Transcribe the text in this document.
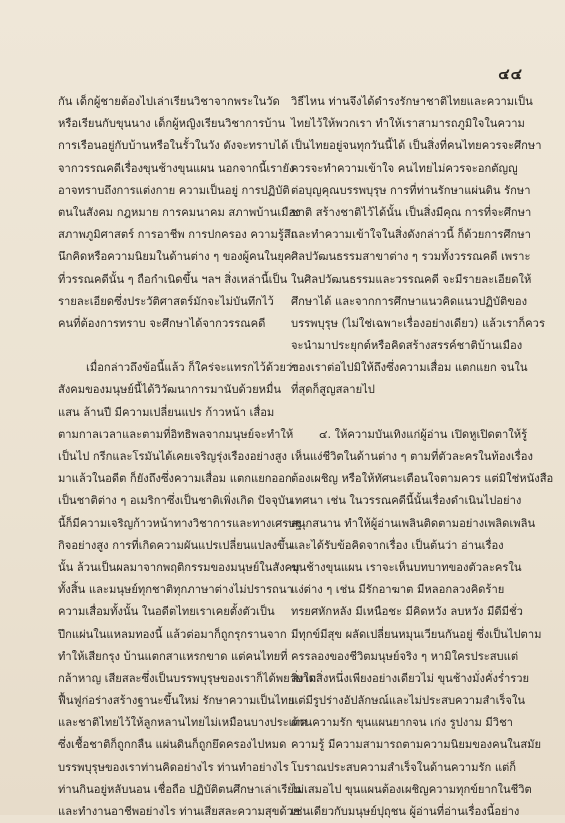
๔๔
กัน เด็กผู้ชายต้องไปเล่าเรียนวิชาจากพระในวัด
หรือเรียนกับขุนนาง เด็กผู้หญิงเรียนวิชาการบ้าน
การเรือนอยู่กับบ้านหรือในรั้วในวัง ดังจะทราบได้
จากวรรณคดีเรื่องขุนช้างขุนแผน นอกจากนี้เรายัง
อาจทราบถึงการแต่งกาย ความเป็นอยู่ การปฏิบัติ
ตนในสังคม กฎหมาย การคมนาคม สภาพบ้านเมือง
สภาพภูมิศาสตร์ การอาชีพ การปกครอง ความรู้สึก
นึกคิดหรือความนิยมในด้านต่าง ๆ ของผู้คนในยุค
ที่วรรณคดีนั้น ๆ ถือกำเนิดขึ้น ฯลฯ สิ่งเหล่านี้เป็น
รายละเอียดซึ่งประวัติศาสตร์มักจะไม่บันทึกไว้
คนที่ต้องการทราบ จะศึกษาได้จากวรรณคดี
เมื่อกล่าวถึงข้อนี้แล้ว ก็ใคร่จะแทรกไว้ด้วยว่า
สังคมของมนุษย์นี้ได้วิวัฒนาการมานับด้วยหมื่น
แสน ล้านปี มีความเปลี่ยนแปร ก้าวหน้า เสื่อม
ตามกาลเวลาและตามที่อิทธิพลจากมนุษย์จะทำให้
เป็นไป กรีกและโรมันได้เคยเจริญรุ่งเรืองอย่างสูง
มาแล้วในอดีต ก็ยังถึงซึ่งความเสื่อม แตกแยกออก
เป็นชาติต่าง ๆ อเมริกาซึ่งเป็นชาติเพิ่งเกิด ปัจจุบัน
นี้ก็มีความเจริญก้าวหน้าทางวิชาการและทางเศรษฐ
กิจอย่างสูง การที่เกิดความผันแปรเปลี่ยนแปลงขึ้น
นั้น ล้วนเป็นผลมาจากพฤติกรรมของมนุษย์ในสังคม
ทั้งสิ้น และมนุษย์ทุกชาติทุกภาษาต่างไม่ปรารถนา
ความเสื่อมทั้งนั้น ในอดีตไทยเราเคยตั้งตัวเป็น
ปึกแผ่นในแหลมทองนี้ แล้วต่อมาก็ถูกรุกรานจาก
ทำให้เสียกรุง บ้านแตกสาแหรกขาด แต่คนไทยที่
กล้าหาญ เสียสละซึ่งเป็นบรรพบุรุษของเราก็ได้พยายาม
ฟื้นฟูก่อร่างสร้างฐานะขึ้นใหม่ รักษาความเป็นไทย
และชาติไทยไว้ให้ลูกหลานไทยไม่เหมือนบางประเทศ
ซึ่งเชื้อชาติก็ถูกกลืน แผ่นดินก็ถูกยึดครองไปหมด
บรรพบุรุษของเราท่านคิดอย่างไร ท่านทำอย่างไร
ท่านกินอยู่หลับนอน เชื่อถือ ปฏิบัติตนศึกษาเล่าเรียน
และทำงานอาชีพอย่างไร ท่านเสียสละความสุขด้วย
วิธีไหน ท่านจึงได้ดำรงรักษาชาติไทยและความเป็น
ไทยไว้ให้พวกเรา ทำให้เราสามารถภูมิใจในความ
เป็นไทยอยู่จนทุกวันนี้ได้ เป็นสิ่งที่คนไทยควรจะศึกษา
ควรจะทำความเข้าใจ คนไทยไม่ควรจะอกตัญญู
ต่อบุญคุณบรรพบุรุษ การที่ท่านรักษาแผ่นดิน รักษา
ชาติ สร้างชาติไว้ได้นั้น เป็นสิ่งมีคุณ การที่จะศึกษา
และทำความเข้าใจในสิ่งดังกล่าวนี้ ก็ด้วยการศึกษา
ศิลปวัฒนธรรมสาขาต่าง ๆ รวมทั้งวรรณคดี เพราะ
ในศิลปวัฒนธรรมและวรรณคดี จะมีรายละเอียดให้
ศึกษาได้ และจากการศึกษาแนวคิดแนวปฏิบัติของ
บรรพบุรุษ (ไม่ใช่เฉพาะเรื่องอย่างเดียว) แล้วเราก็ควร
จะนำมาประยุกต์หรือคิดสร้างสรรค์ชาติบ้านเมือง
ของเราต่อไปมิให้ถึงซึ่งความเสื่อม แตกแยก จนใน
ที่สุดก็สูญสลายไป
๔. ให้ความบันเทิงแก่ผู้อ่าน เปิดหูเปิดตาให้รู้
เห็นแง่ชีวิตในด้านต่าง ๆ ตามที่ตัวละครในท้องเรื่อง
ต้องเผชิญ หรือให้ทัศนะเตือนใจตามควร แต่มิใช่หนังสือ
เทศนา เช่น ในวรรณคดีนี้นั้นเรื่องดำเนินไปอย่าง
สนุกสนาน ทำให้ผู้อ่านเพลินติดตามอย่างเพลิดเพลิน
และได้รับข้อคิดจากเรื่อง เป็นต้นว่า อ่านเรื่อง
ขุนช้างขุนแผน เราจะเห็นบทบาทของตัวละครใน
แง่ต่าง ๆ เช่น มีรักอาฆาต มีหลอกลวงคิดร้าย
ทรยศหักหลัง มีเหนือชะ มีคิดหวัง ลบหวัง มีดีมีชั่ว
มีทุกข์มีสุข ผลัดเปลี่ยนหมุนเวียนกันอยู่ ซึ่งเป็นไปตาม
ครรลองของชีวิตมนุษย์จริง ๆ หามิใครประสบแต่
สิ่งใดสิ่งหนึ่งเพียงอย่างเดียวไม่ ขุนช้างมั่งคั่งร่ำรวย
แต่มีรูปร่างอัปลักษณ์และไม่ประสบความสำเร็จใน
ด้านความรัก ขุนแผนยากจน เก่ง รูปงาม มีวิชา
ความรู้ มีความสามารถตามความนิยมของคนในสมัย
โบราณประสบความสำเร็จในด้านความรัก แต่ก็
ไม่เสมอไป ขุนแผนต้องเผชิญความทุกข์ยากในชีวิต
เช่นเดียวกับมนุษย์ปุถุชน ผู้อ่านที่อ่านเรื่องนี้อย่าง
